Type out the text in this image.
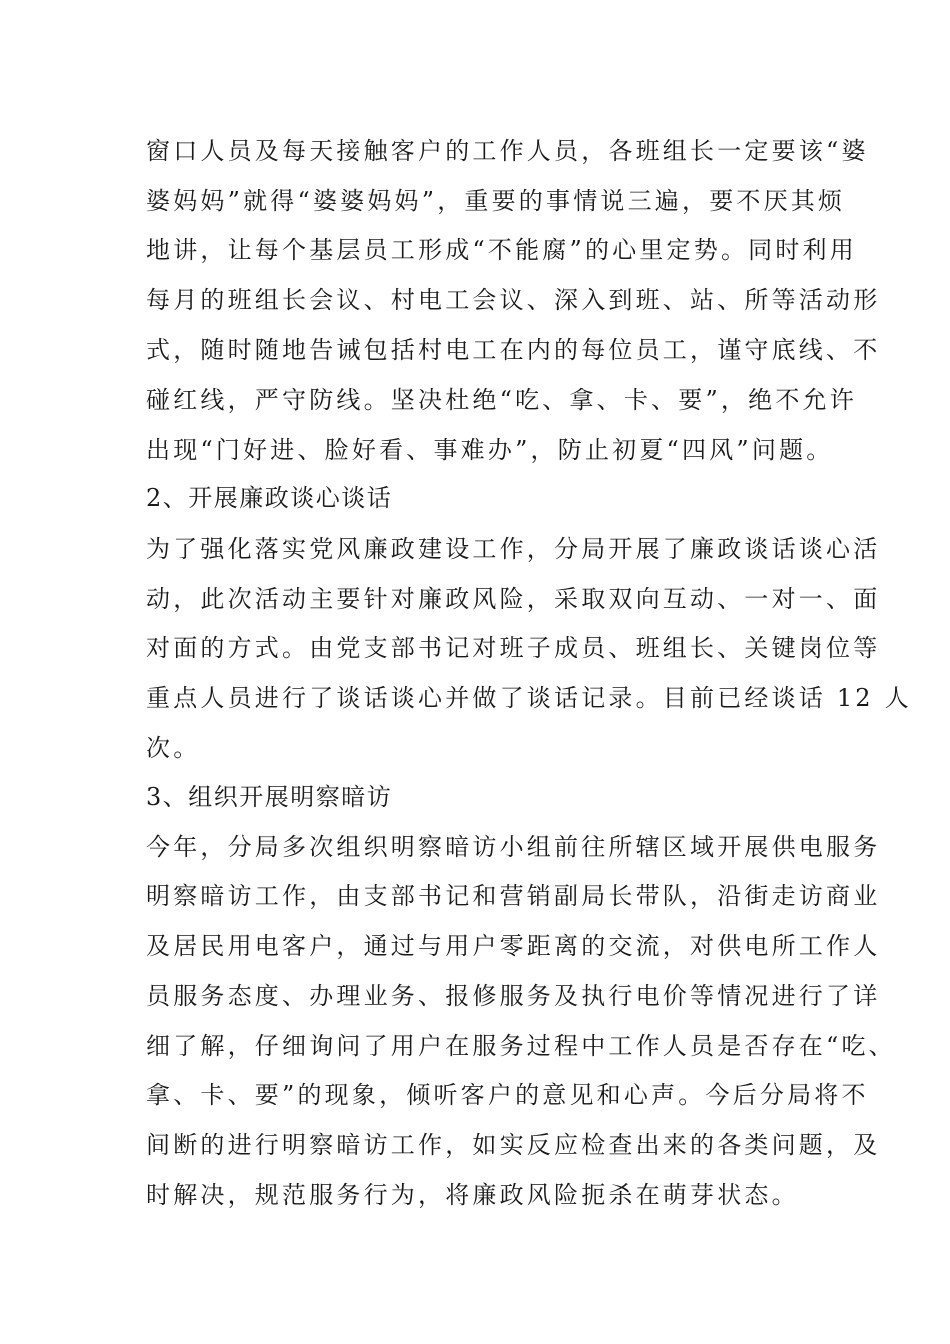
窗口人员及每天接触客户的工作人员，各班组长一定要该“婆
婆妈妈”就得“婆婆妈妈”，重要的事情说三遍，要不厌其烦
地讲，让每个基层员工形成“不能腐”的心里定势。同时利用
每月的班组长会议、村电工会议、深入到班、站、所等活动形
式，随时随地告诫包括村电工在内的每位员工，谨守底线、不
碰红线，严守防线。坚决杜绝“吃、拿、卡、要”，绝不允许
出现“门好进、脸好看、事难办”，防止初夏“四风”问题。
2、开展廉政谈心谈话
为了强化落实党风廉政建设工作，分局开展了廉政谈话谈心活
动，此次活动主要针对廉政风险，采取双向互动、一对一、面
对面的方式。由党支部书记对班子成员、班组长、关键岗位等
重点人员进行了谈话谈心并做了谈话记录。目前已经谈话 12 人
次。
3、组织开展明察暗访
今年，分局多次组织明察暗访小组前往所辖区域开展供电服务
明察暗访工作，由支部书记和营销副局长带队，沿街走访商业
及居民用电客户，通过与用户零距离的交流，对供电所工作人
员服务态度、办理业务、报修服务及执行电价等情况进行了详
细了解，仔细询问了用户在服务过程中工作人员是否存在“吃、
拿、卡、要”的现象，倾听客户的意见和心声。今后分局将不
间断的进行明察暗访工作，如实反应检查出来的各类问题，及
时解决，规范服务行为，将廉政风险扼杀在萌芽状态。
